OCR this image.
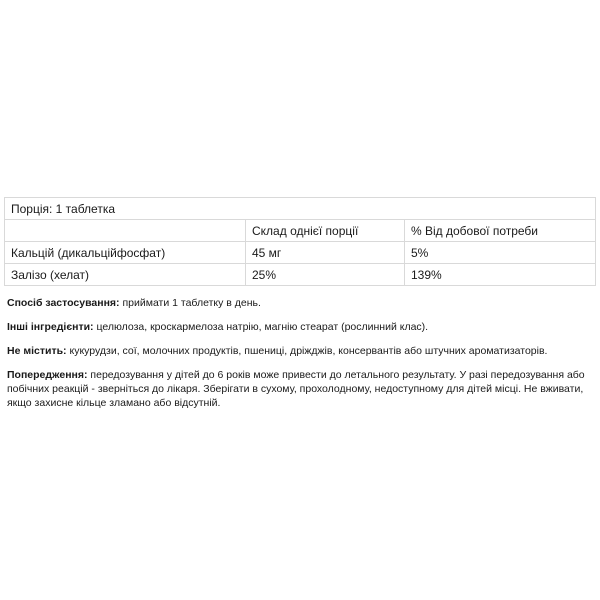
Порція: 1 таблетка		
	Склад однієї порції	% Від добової потреби
Кальцій (дикальційфосфат)	45 мг	5%
Залізо (хелат)	25%	139%

Спосіб застосування: приймати 1 таблетку в день.

Інші інгредієнти: целюлоза, кроскармелоза натрію, магнію стеарат (рослинний клас).

Не містить: кукурудзи, сої, молочних продуктів, пшениці, дріжджів, консервантів або штучних ароматизаторів.

Попередження: передозування у дітей до 6 років може привести до летального результату. У разі передозування або побічних реакцій - зверніться до лікаря. Зберігати в сухому, прохолодному, недоступному для дітей місці. Не вживати, якщо захисне кільце зламано або відсутній.
